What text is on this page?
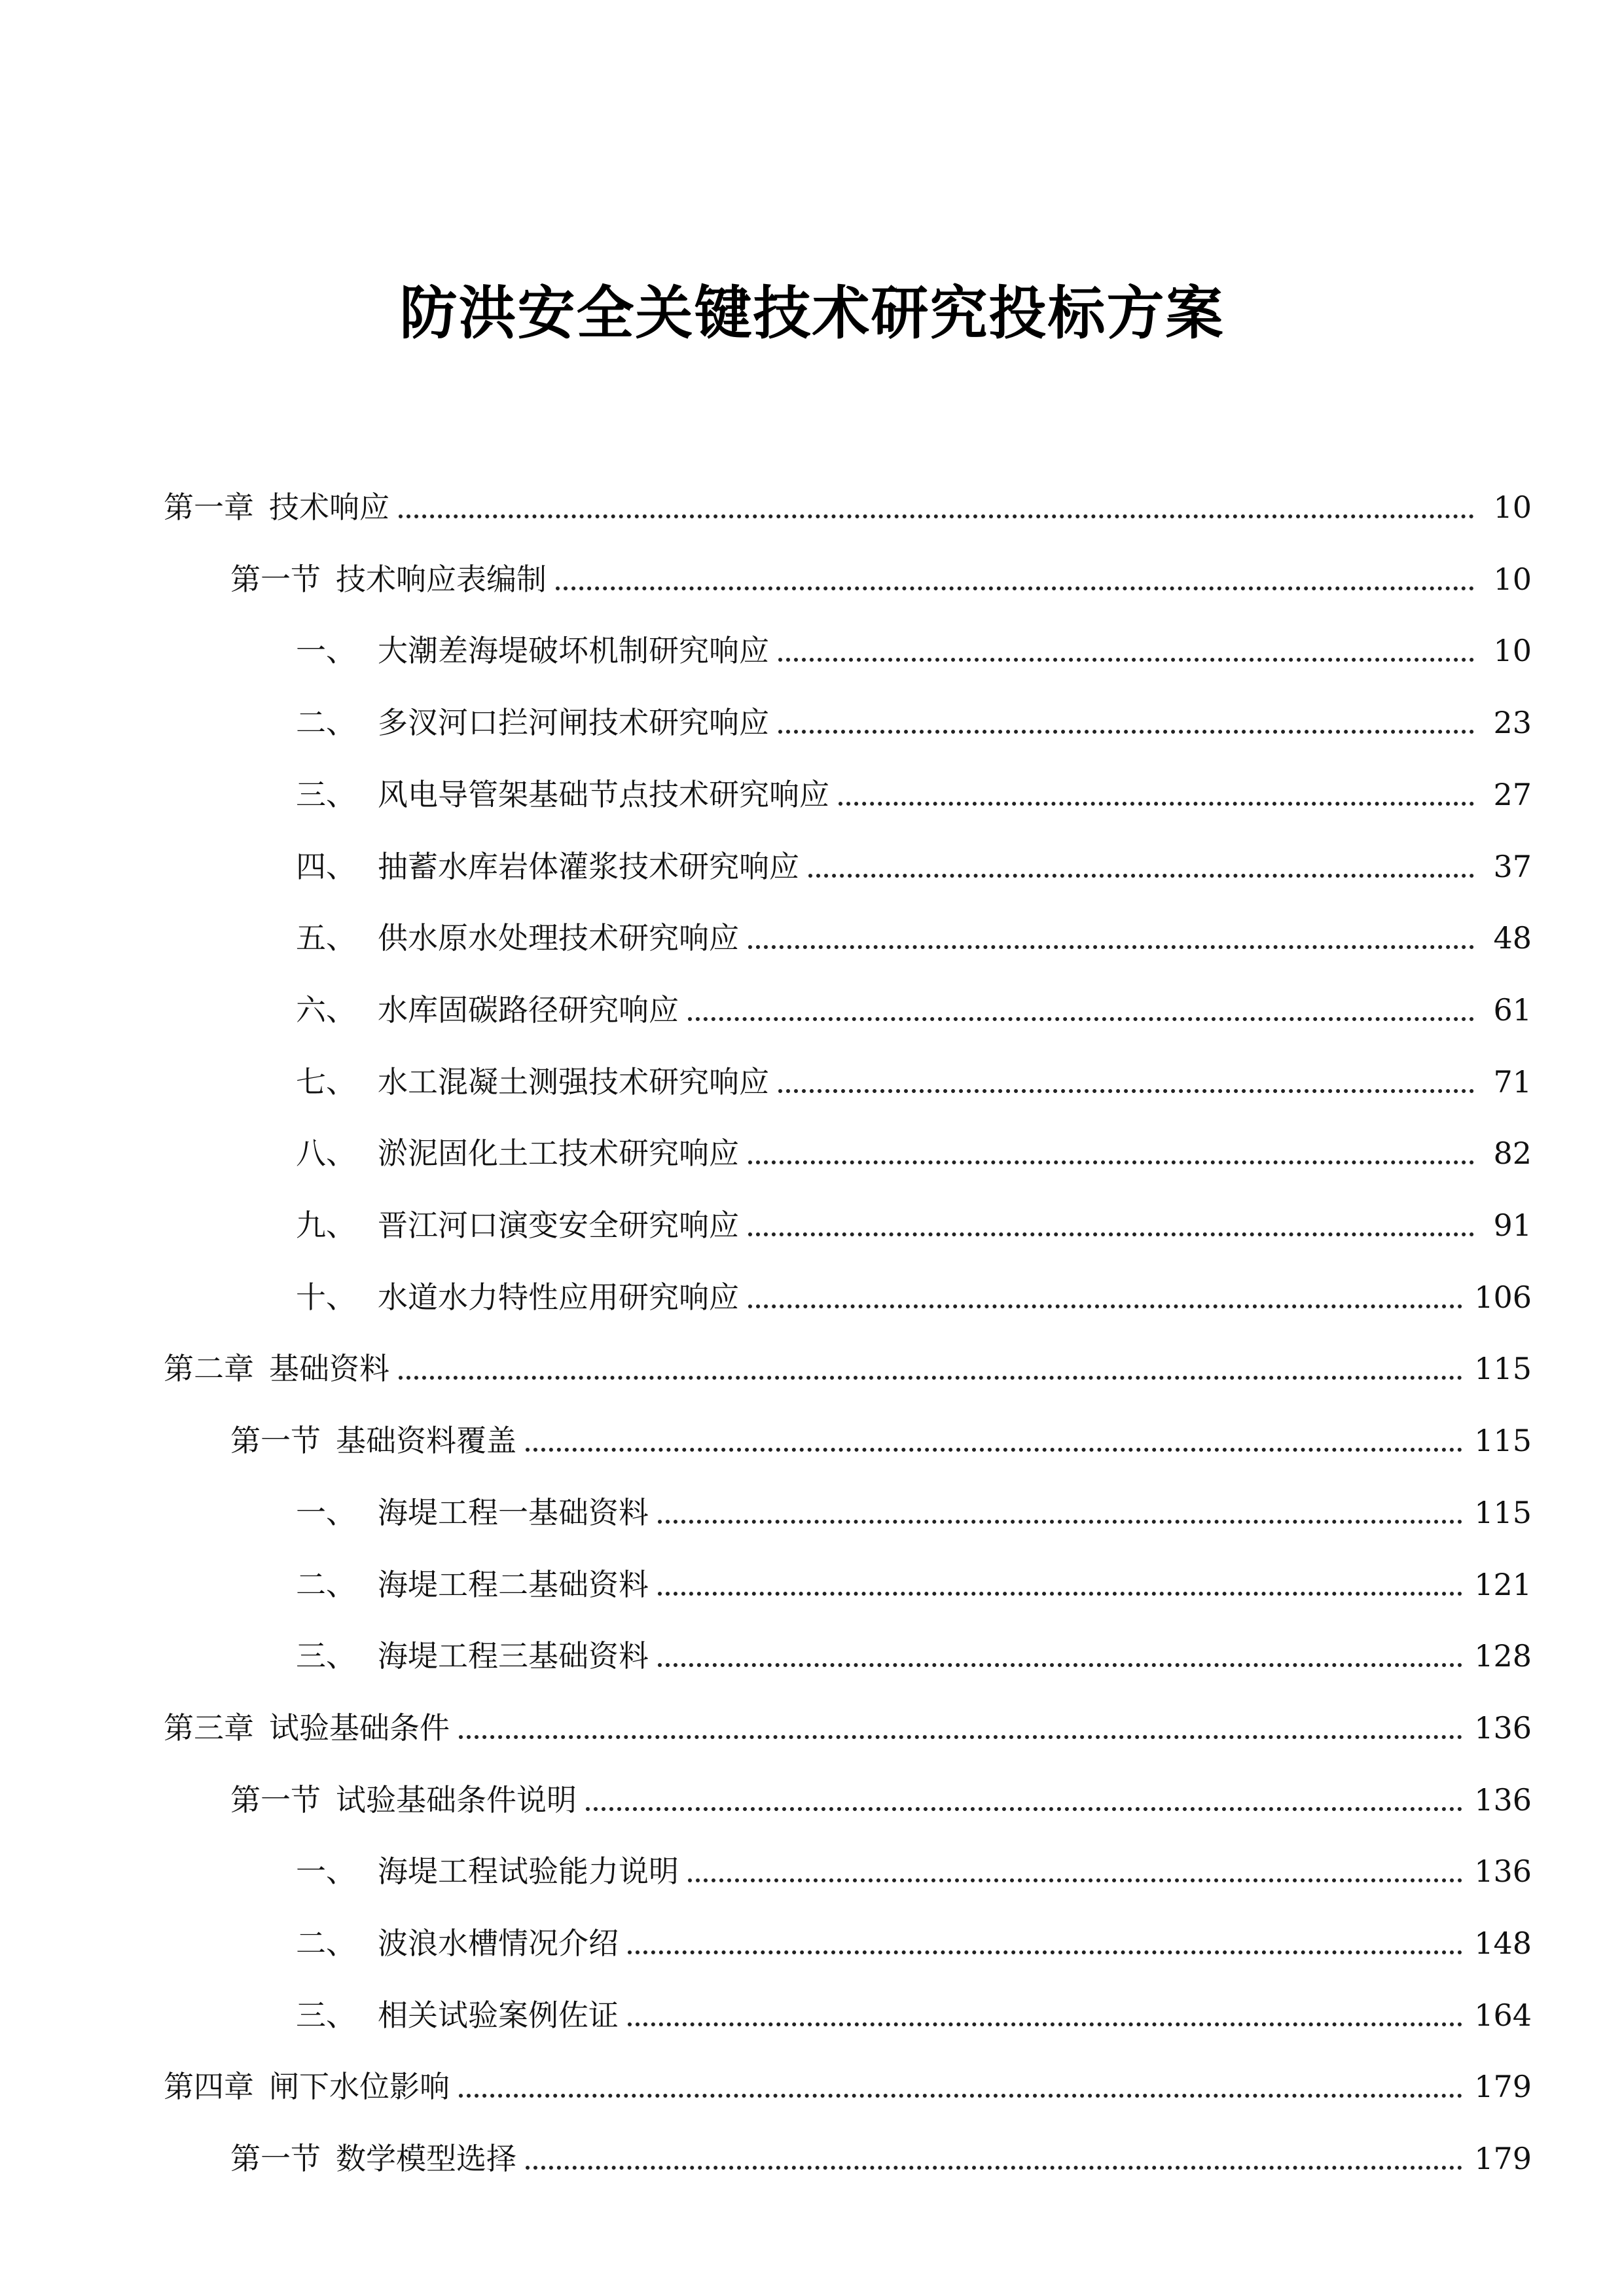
防洪安全关键技术研究投标方案
第一章  技术响应	10
第一节  技术响应表编制	10
一、 大潮差海堤破坏机制研究响应	10
二、 多汊河口拦河闸技术研究响应	23
三、 风电导管架基础节点技术研究响应	27
四、 抽蓄水库岩体灌浆技术研究响应	37
五、 供水原水处理技术研究响应	48
六、 水库固碳路径研究响应	61
七、 水工混凝土测强技术研究响应	71
八、 淤泥固化土工技术研究响应	82
九、 晋江河口演变安全研究响应	91
十、 水道水力特性应用研究响应	106
第二章  基础资料	115
第一节  基础资料覆盖	115
一、 海堤工程一基础资料	115
二、 海堤工程二基础资料	121
三、 海堤工程三基础资料	128
第三章  试验基础条件	136
第一节  试验基础条件说明	136
一、 海堤工程试验能力说明	136
二、 波浪水槽情况介绍	148
三、 相关试验案例佐证	164
第四章  闸下水位影响	179
第一节  数学模型选择	179
